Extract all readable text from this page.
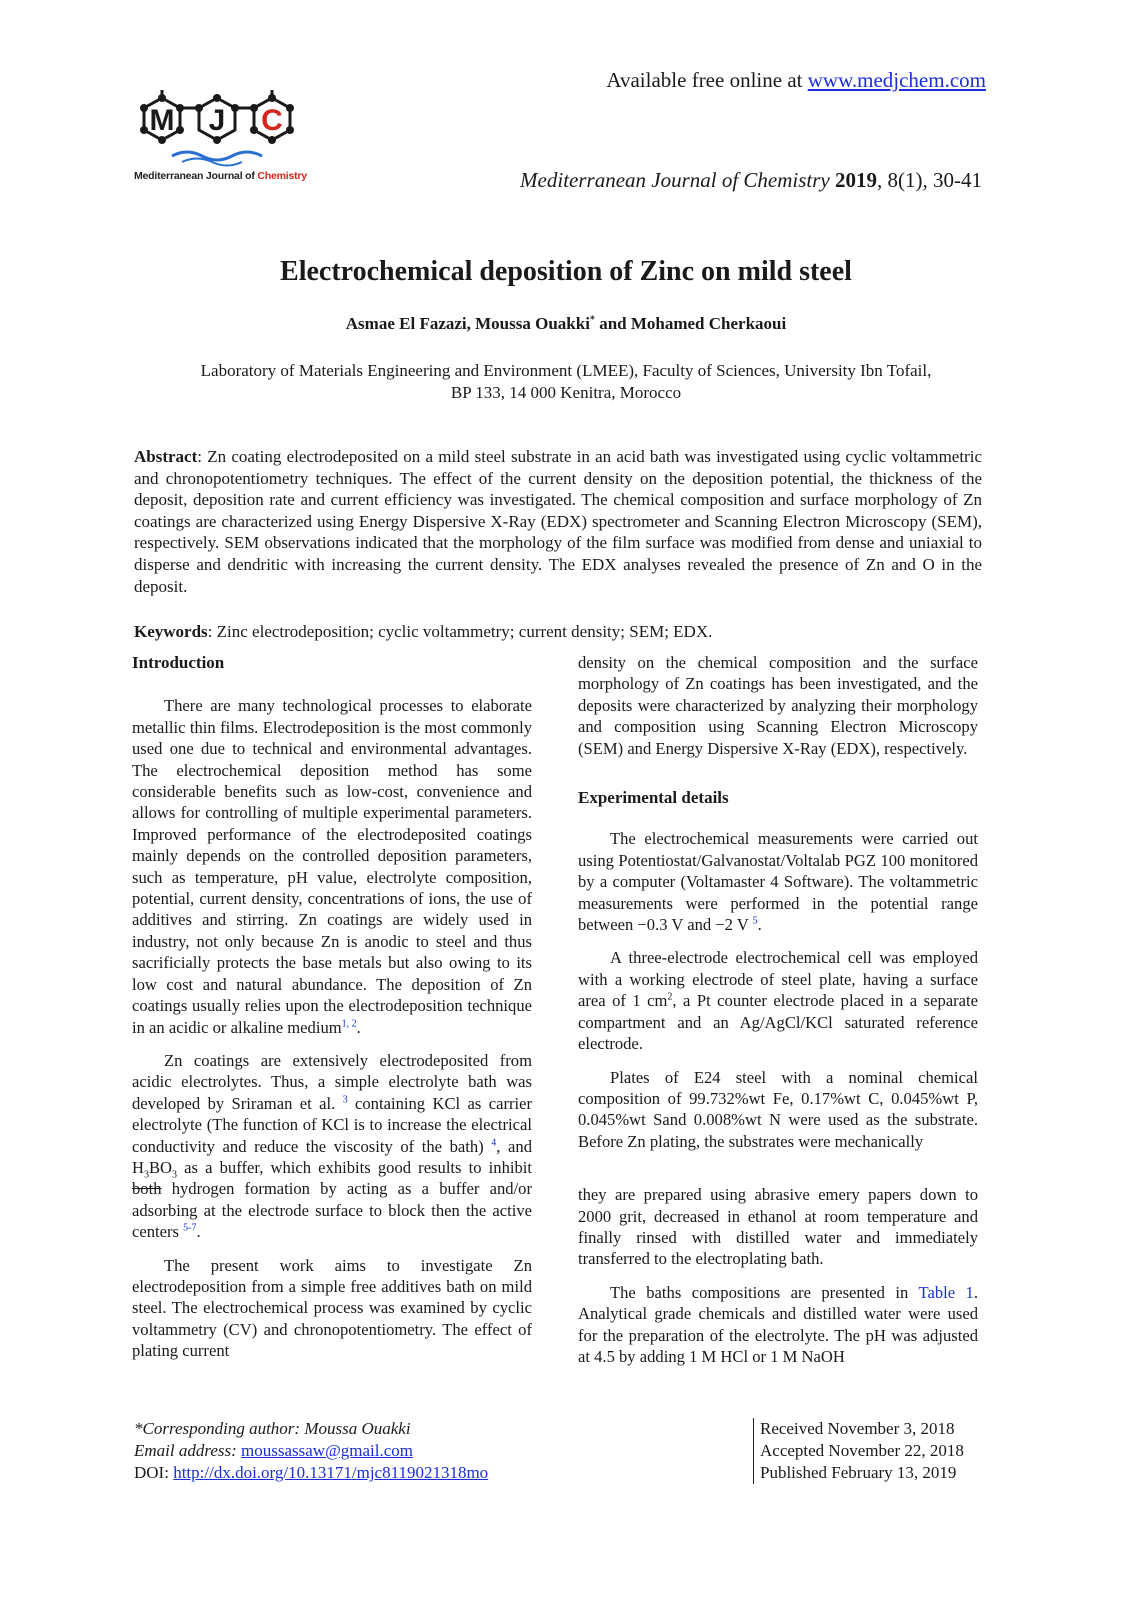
Available free online at www.medjchem.com
M J C
Mediterranean Journal of Chemistry	Mediterranean Journal of Chemistry 2019, 8(1), 30-41
Electrochemical deposition of Zinc on mild steel
Asmae El Fazazi, Moussa Ouakki* and Mohamed Cherkaoui
Laboratory of Materials Engineering and Environment (LMEE), Faculty of Sciences, University Ibn Tofail,
BP 133, 14 000 Kenitra, Morocco
Abstract: Zn coating electrodeposited on a mild steel substrate in an acid bath was investigated using cyclic voltammetric and chronopotentiometry techniques. The effect of the current density on the deposition potential, the thickness of the deposit, deposition rate and current efficiency was investigated. The chemical composition and surface morphology of Zn coatings are characterized using Energy Dispersive X-Ray (EDX) spectrometer and Scanning Electron Microscopy (SEM), respectively. SEM observations indicated that the morphology of the film surface was modified from dense and uniaxial to disperse and dendritic with increasing the current density. The EDX analyses revealed the presence of Zn and O in the deposit.
Keywords: Zinc electrodeposition; cyclic voltammetry; current density; SEM; EDX.
Introduction

There are many technological processes to elaborate metallic thin films. Electrodeposition is the most commonly used one due to technical and environmental advantages. The electrochemical deposition method has some considerable benefits such as low-cost, convenience and allows for controlling of multiple experimental parameters. Improved performance of the electrodeposited coatings mainly depends on the controlled deposition parameters, such as temperature, pH value, electrolyte composition, potential, current density, concentrations of ions, the use of additives and stirring. Zn coatings are widely used in industry, not only because Zn is anodic to steel and thus sacrificially protects the base metals but also owing to its low cost and natural abundance. The deposition of Zn coatings usually relies upon the electrodeposition technique in an acidic or alkaline medium$^{1, 2}$.

Zn coatings are extensively electrodeposited from acidic electrolytes. Thus, a simple electrolyte bath was developed by Sriraman et al. $^3$ containing KCl as carrier electrolyte (The function of KCl is to increase the electrical conductivity and reduce the viscosity of the bath) $^4$, and $H_3BO_3$ as a buffer, which exhibits good results to inhibit both hydrogen formation by acting as a buffer and/or adsorbing at the electrode surface to block then the active centers $^{5-7}$.

The present work aims to investigate Zn electrodeposition from a simple free additives bath on mild steel. The electrochemical process was examined by cyclic voltammetry (CV) and chronopotentiometry. The effect of plating current

density on the chemical composition and the surface morphology of Zn coatings has been investigated, and the deposits were characterized by analyzing their morphology and composition using Scanning Electron Microscopy (SEM) and Energy Dispersive X-Ray (EDX), respectively.

Experimental details

The electrochemical measurements were carried out using Potentiostat/Galvanostat/Voltalab PGZ 100 monitored by a computer (Voltamaster 4 Software). The voltammetric measurements were performed in the potential range between −0.3 V and −2 V $^5$.

A three-electrode electrochemical cell was employed with a working electrode of steel plate, having a surface area of 1 $cm^2$, a Pt counter electrode placed in a separate compartment and an Ag/AgCl/KCl saturated reference electrode.

Plates of E24 steel with a nominal chemical composition of 99.732%wt Fe, 0.17%wt C, 0.045%wt P, 0.045%wt Sand 0.008%wt N were used as the substrate. Before Zn plating, the substrates were mechanically

they are prepared using abrasive emery papers down to 2000 grit, decreased in ethanol at room temperature and finally rinsed with distilled water and immediately transferred to the electroplating bath.

The baths compositions are presented in Table 1. Analytical grade chemicals and distilled water were used for the preparation of the electrolyte. The pH was adjusted at 4.5 by adding 1 M HCl or 1 M NaOH

*Corresponding author: Moussa Ouakki
Email address: moussassaw@gmail.com
DOI: http://dx.doi.org/10.13171/mjc8119021318mo
Received November 3, 2018
Accepted November 22, 2018
Published February 13, 2019
